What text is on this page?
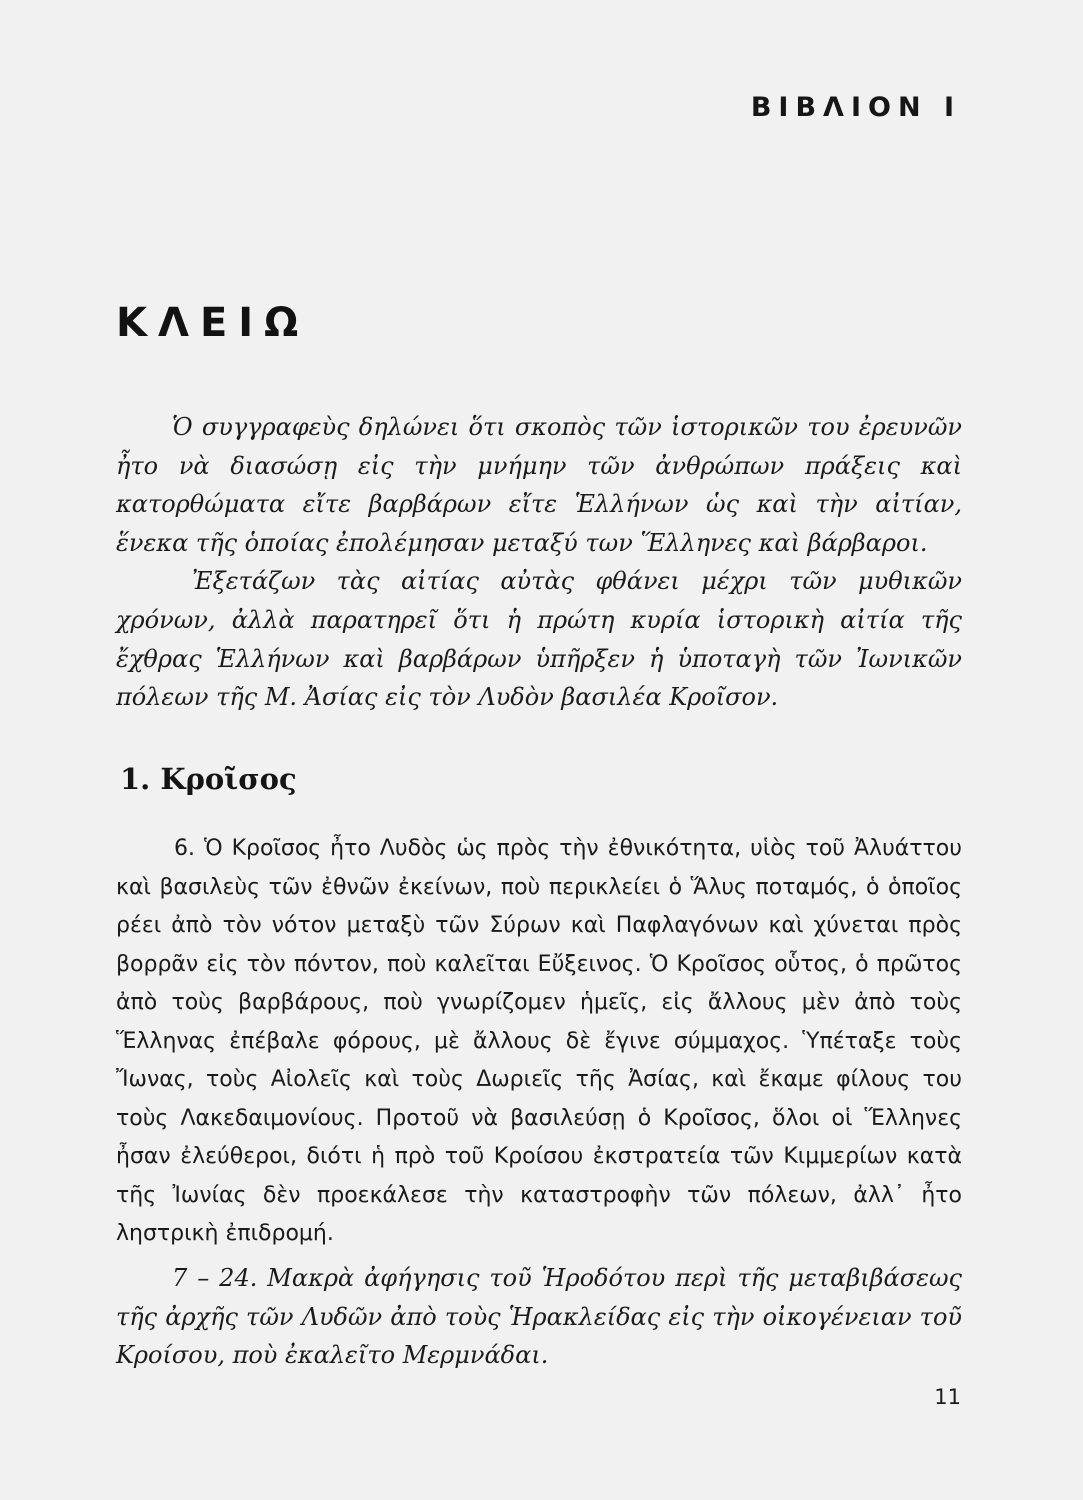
ΒΙΒΛΙΟΝ Ι
ΚΛΕΙΩ

Ὁ συγγραφεὺς δηλώνει ὅτι σκοπὸς τῶν ἱστορικῶν του ἐρευνῶν ἦτο νὰ διασώσῃ εἰς τὴν μνήμην τῶν ἀνθρώπων πράξεις καὶ κατορθώματα εἴτε βαρβάρων εἴτε Ἑλλήνων ὡς καὶ τὴν αἰτίαν, ἕνεκα τῆς ὁποίας ἐπολέμησαν μεταξύ των Ἕλληνες καὶ βάρβαροι.

Ἐξετάζων τὰς αἰτίας αὐτὰς φθάνει μέχρι τῶν μυθικῶν χρόνων, ἀλλὰ παρατηρεῖ ὅτι ἡ πρώτη κυρία ἱστορικὴ αἰτία τῆς ἔχθρας Ἑλλήνων καὶ βαρβάρων ὑπῆρξεν ἡ ὑποταγὴ τῶν Ἰωνικῶν πόλεων τῆς Μ. Ἀσίας εἰς τὸν Λυδὸν βασιλέα Κροῖσον.

1. Κροῖσος

6. Ὁ Κροῖσος ἦτο Λυδὸς ὡς πρὸς τὴν ἐθνικότητα, υἱὸς τοῦ Ἀλυάττου καὶ βασιλεὺς τῶν ἐθνῶν ἐκείνων, ποὺ περικλείει ὁ Ἅλυς ποταμός, ὁ ὁποῖος ρέει ἀπὸ τὸν νότον μεταξὺ τῶν Σύρων καὶ Παφλαγόνων καὶ χύνεται πρὸς βορρᾶν εἰς τὸν πόντον, ποὺ καλεῖται Εὔξεινος. Ὁ Κροῖσος οὗτος, ὁ πρῶτος ἀπὸ τοὺς βαρβάρους, ποὺ γνωρίζομεν ἡμεῖς, εἰς ἄλλους μὲν ἀπὸ τοὺς Ἕλληνας ἐπέβαλε φόρους, μὲ ἄλλους δὲ ἔγινε σύμμαχος. Ὑπέταξε τοὺς Ἴωνας, τοὺς Αἰολεῖς καὶ τοὺς Δωριεῖς τῆς Ἀσίας, καὶ ἔκαμε φίλους του τοὺς Λακεδαιμονίους. Προτοῦ νὰ βασιλεύσῃ ὁ Κροῖσος, ὅλοι οἱ Ἕλληνες ἦσαν ἐλεύθεροι, διότι ἡ πρὸ τοῦ Κροίσου ἐκστρατεία τῶν Κιμμερίων κατὰ τῆς Ἰωνίας δὲν προεκάλεσε τὴν καταστροφὴν τῶν πόλεων, ἀλλ᾽ ἦτο ληστρικὴ ἐπιδρομή.

7 – 24. Μακρὰ ἀφήγησις τοῦ Ἡροδότου περὶ τῆς μεταβιβάσεως τῆς ἀρχῆς τῶν Λυδῶν ἀπὸ τοὺς Ἡρακλείδας εἰς τὴν οἰκογένειαν τοῦ Κροίσου, ποὺ ἐκαλεῖτο Μερμνάδαι.

11
